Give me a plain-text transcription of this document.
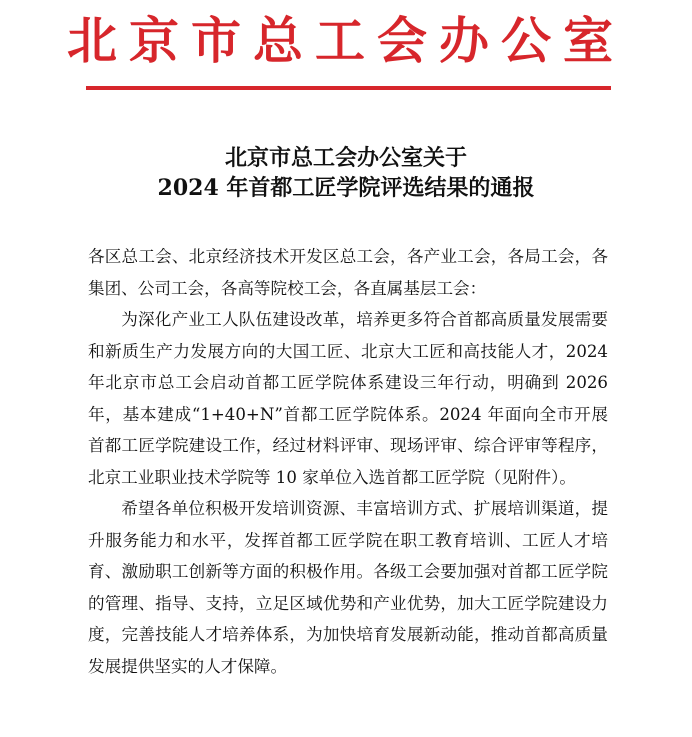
北京市总工会办公室
北京市总工会办公室关于
2024 年首都工匠学院评选结果的通报

各区总工会、北京经济技术开发区总工会，各产业工会，各局工会，各集团、公司工会，各高等院校工会，各直属基层工会：

为深化产业工人队伍建设改革，培养更多符合首都高质量发展需要和新质生产力发展方向的大国工匠、北京大工匠和高技能人才，2024 年北京市总工会启动首都工匠学院体系建设三年行动，明确到 2026 年，基本建成“1+40+N”首都工匠学院体系。2024 年面向全市开展首都工匠学院建设工作，经过材料评审、现场评审、综合评审等程序，北京工业职业技术学院等 10 家单位入选首都工匠学院（见附件）。

希望各单位积极开发培训资源、丰富培训方式、扩展培训渠道，提升服务能力和水平，发挥首都工匠学院在职工教育培训、工匠人才培育、激励职工创新等方面的积极作用。各级工会要加强对首都工匠学院的管理、指导、支持，立足区域优势和产业优势，加大工匠学院建设力度，完善技能人才培养体系，为加快培育发展新动能，推动首都高质量发展提供坚实的人才保障。
